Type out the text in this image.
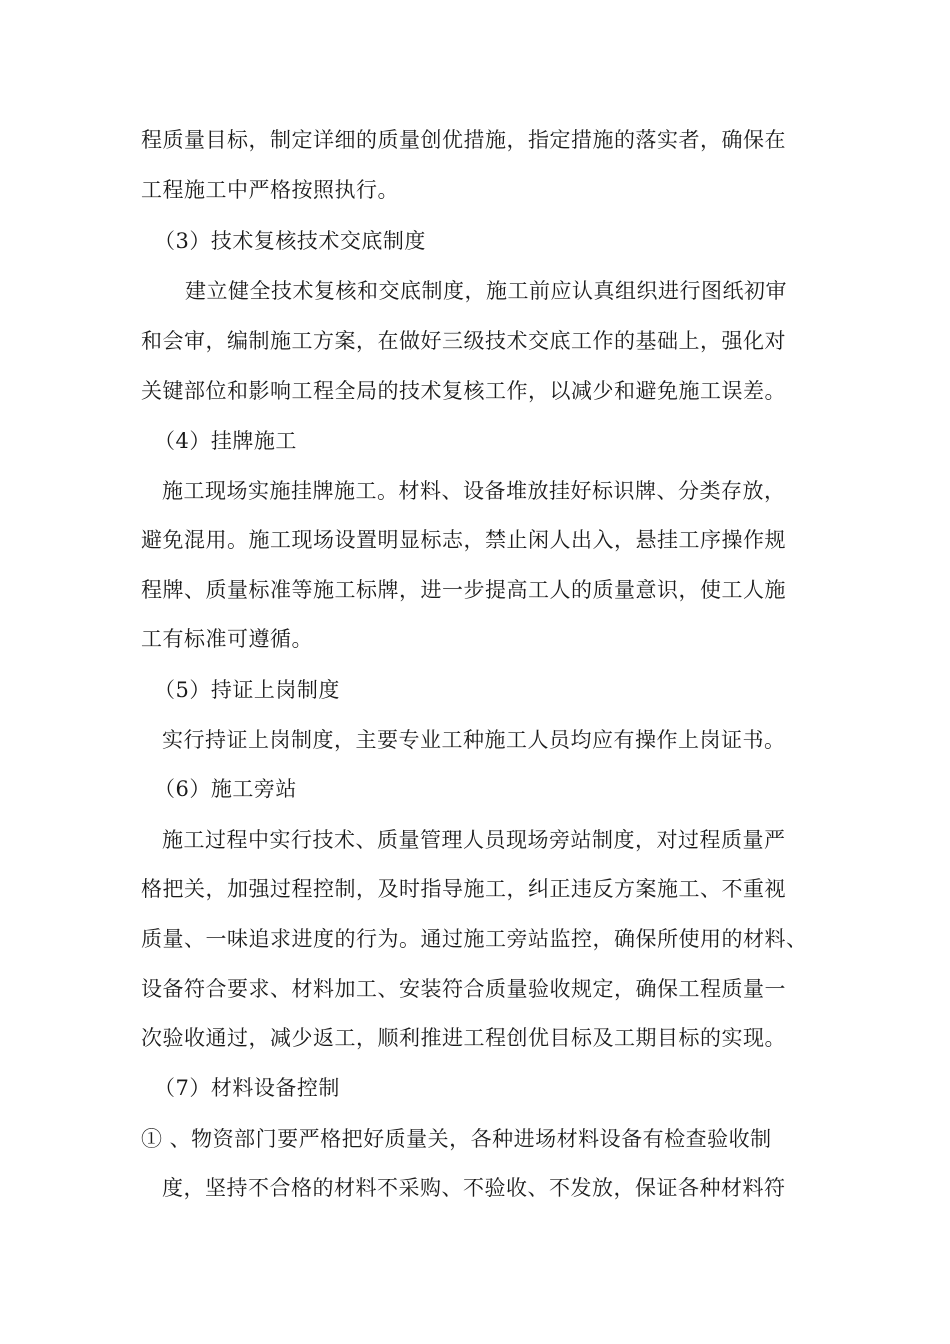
程质量目标，制定详细的质量创优措施，指定措施的落实者，确保在
工程施工中严格按照执行。
（3）技术复核技术交底制度
建立健全技术复核和交底制度，施工前应认真组织进行图纸初审
和会审，编制施工方案，在做好三级技术交底工作的基础上，强化对
关键部位和影响工程全局的技术复核工作，以减少和避免施工误差。
（4）挂牌施工
施工现场实施挂牌施工。材料、设备堆放挂好标识牌、分类存放，
避免混用。施工现场设置明显标志，禁止闲人出入，悬挂工序操作规
程牌、质量标准等施工标牌，进一步提高工人的质量意识，使工人施
工有标准可遵循。
（5）持证上岗制度
实行持证上岗制度，主要专业工种施工人员均应有操作上岗证书。
（6）施工旁站
施工过程中实行技术、质量管理人员现场旁站制度，对过程质量严
格把关，加强过程控制，及时指导施工，纠正违反方案施工、不重视
质量、一味追求进度的行为。通过施工旁站监控，确保所使用的材料、
设备符合要求、材料加工、安装符合质量验收规定，确保工程质量一
次验收通过，减少返工，顺利推进工程创优目标及工期目标的实现。
（7）材料设备控制
① 、物资部门要严格把好质量关，各种进场材料设备有检查验收制
度，坚持不合格的材料不采购、不验收、不发放，保证各种材料符
